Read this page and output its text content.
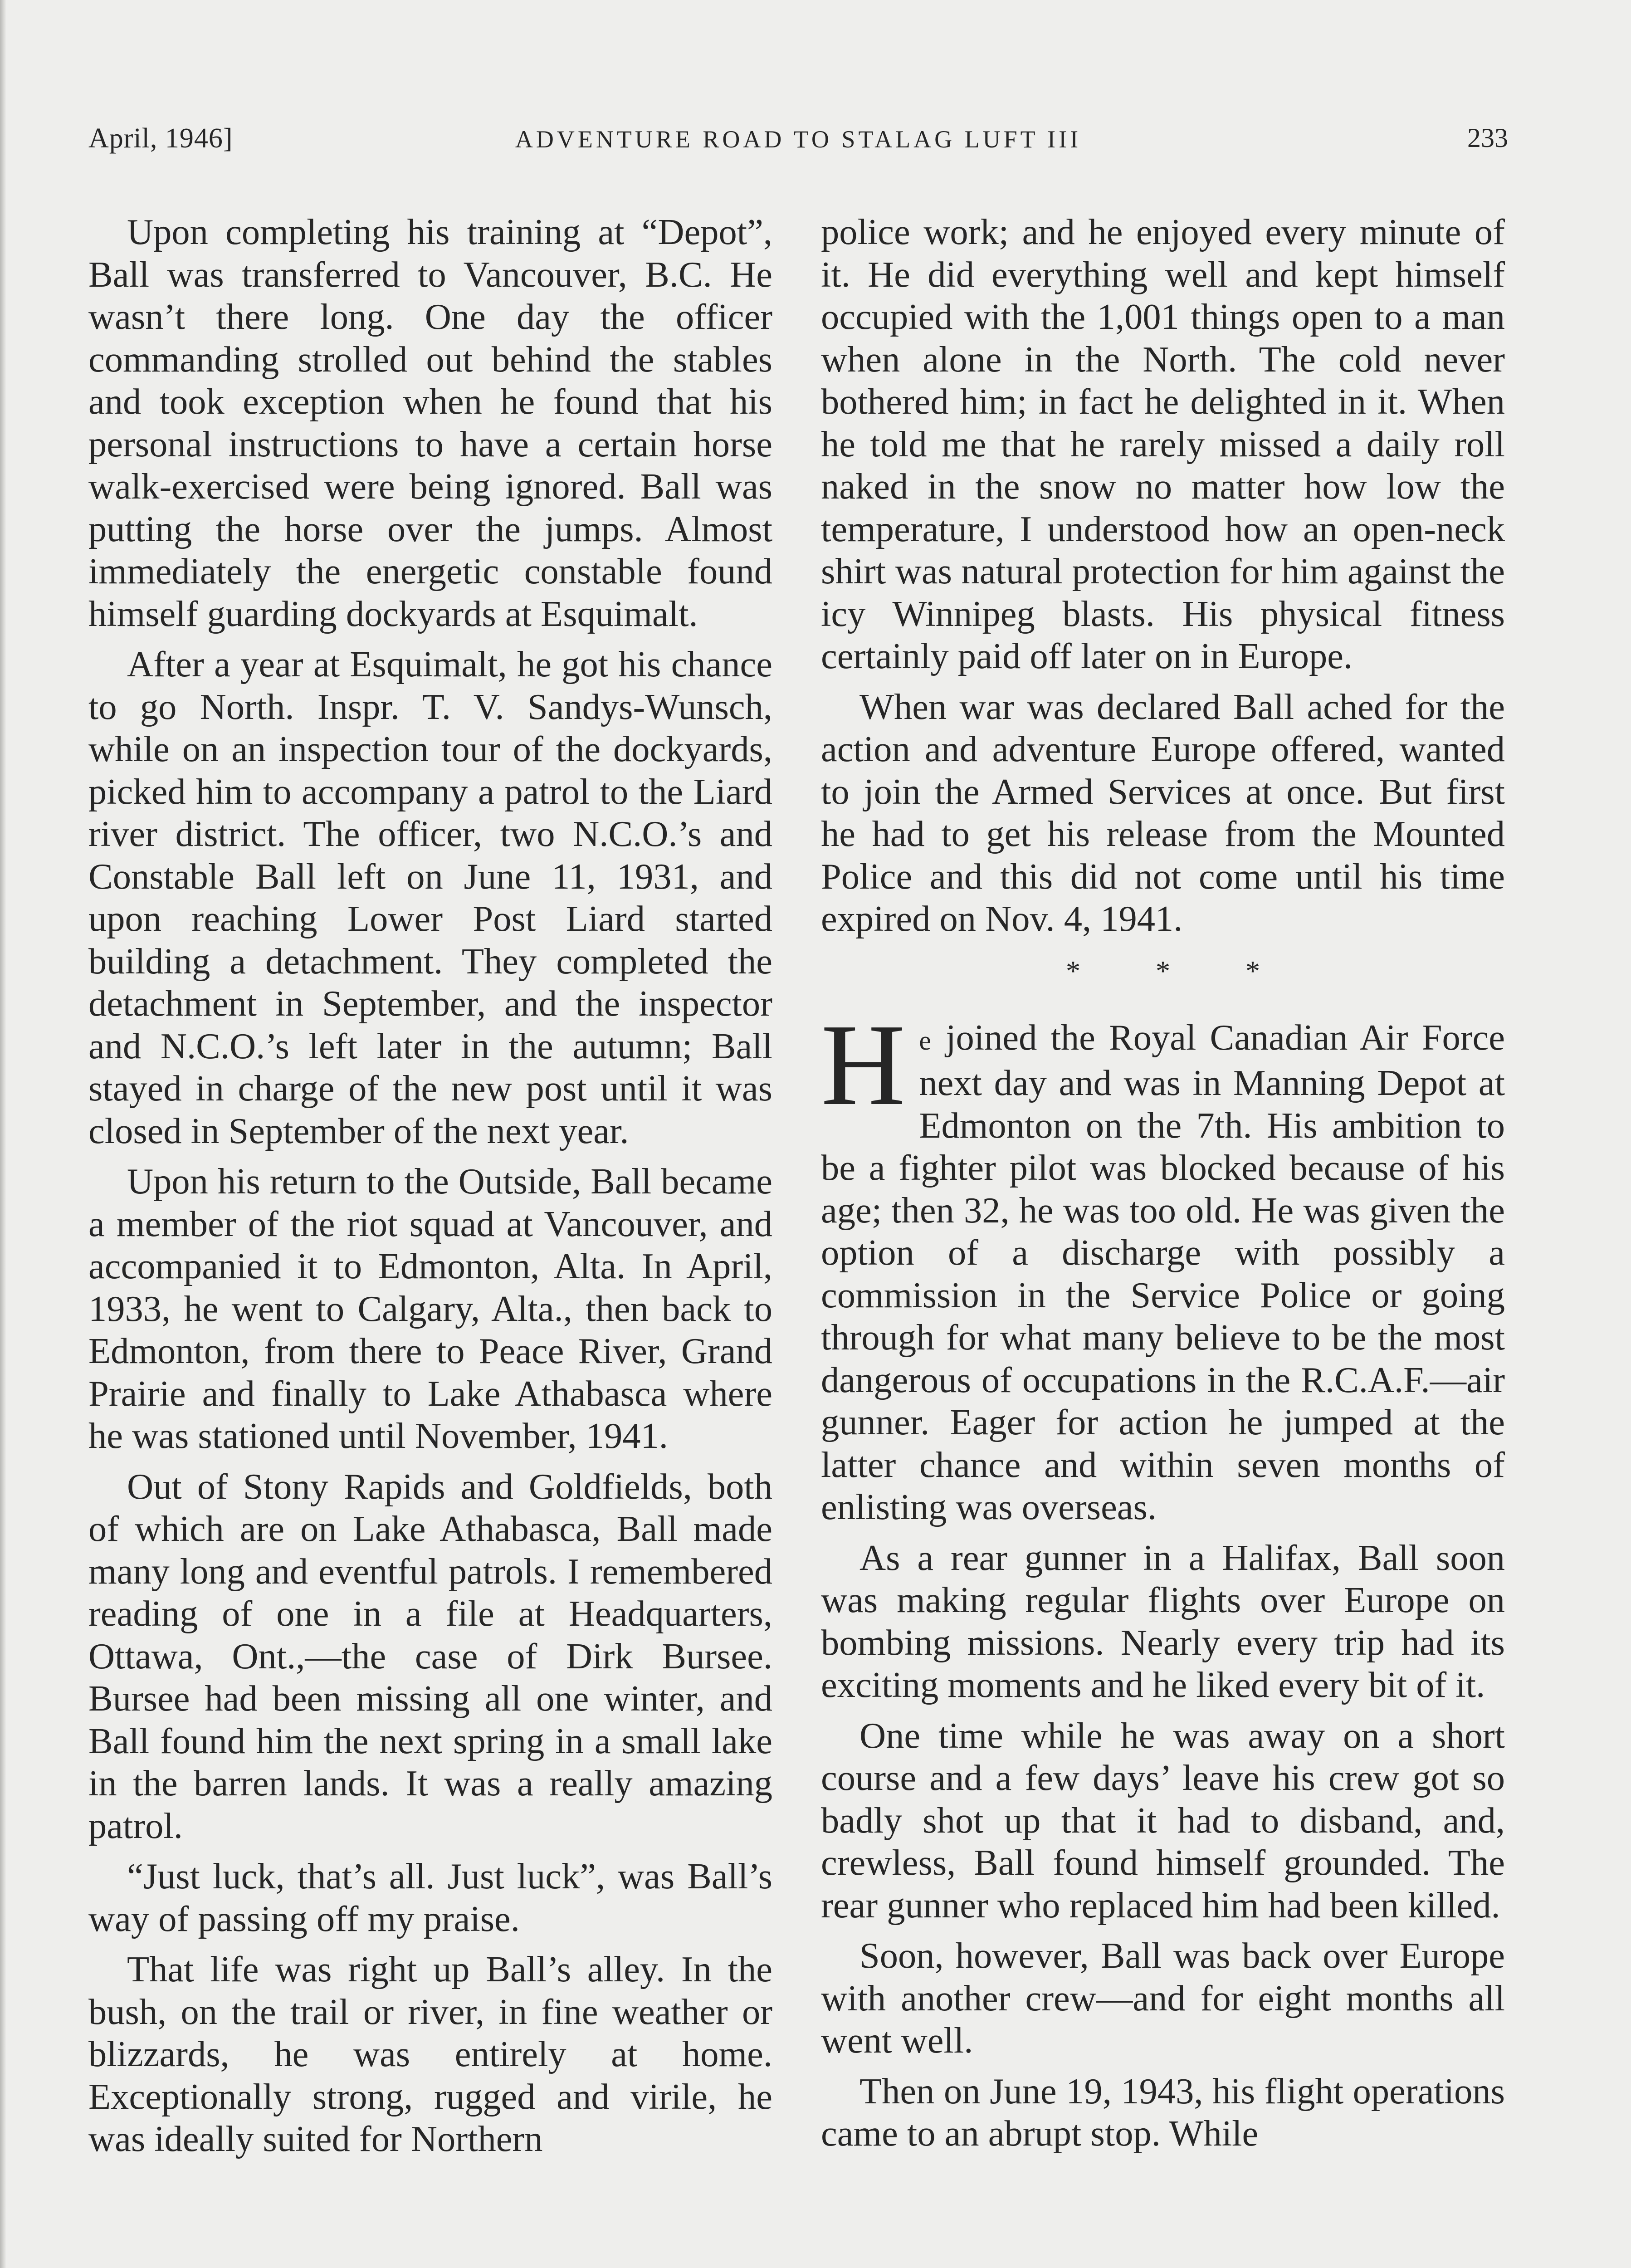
April, 1946]	ADVENTURE ROAD TO STALAG LUFT III	233

Upon completing his training at “Depot”, Ball was transferred to Vancouver, B.C. He wasn’t there long. One day the officer commanding strolled out behind the stables and took exception when he found that his personal instructions to have a certain horse walk-exercised were being ignored. Ball was putting the horse over the jumps. Almost immediately the energetic constable found himself guarding dockyards at Esquimalt.

After a year at Esquimalt, he got his chance to go North. Inspr. T. V. Sandys-Wunsch, while on an inspection tour of the dockyards, picked him to accompany a patrol to the Liard river district. The officer, two N.C.O.’s and Constable Ball left on June 11, 1931, and upon reaching Lower Post Liard started building a detachment. They completed the detachment in September, and the inspector and N.C.O.’s left later in the autumn; Ball stayed in charge of the new post until it was closed in September of the next year.

Upon his return to the Outside, Ball became a member of the riot squad at Vancouver, and accompanied it to Edmonton, Alta. In April, 1933, he went to Calgary, Alta., then back to Edmonton, from there to Peace River, Grand Prairie and finally to Lake Athabasca where he was stationed until November, 1941.

Out of Stony Rapids and Goldfields, both of which are on Lake Athabasca, Ball made many long and eventful patrols. I remembered reading of one in a file at Headquarters, Ottawa, Ont.,—the case of Dirk Bursee. Bursee had been missing all one winter, and Ball found him the next spring in a small lake in the barren lands. It was a really amazing patrol.

“Just luck, that’s all. Just luck”, was Ball’s way of passing off my praise.

That life was right up Ball’s alley. In the bush, on the trail or river, in fine weather or blizzards, he was entirely at home. Exceptionally strong, rugged and virile, he was ideally suited for Northern

police work; and he enjoyed every minute of it. He did everything well and kept himself occupied with the 1,001 things open to a man when alone in the North. The cold never bothered him; in fact he delighted in it. When he told me that he rarely missed a daily roll naked in the snow no matter how low the temperature, I understood how an open-neck shirt was natural protection for him against the icy Winnipeg blasts. His physical fitness certainly paid off later on in Europe.

When war was declared Ball ached for the action and adventure Europe offered, wanted to join the Armed Services at once. But first he had to get his release from the Mounted Police and this did not come until his time expired on Nov. 4, 1941.

* * *

He joined the Royal Canadian Air Force next day and was in Manning Depot at Edmonton on the 7th. His ambition to be a fighter pilot was blocked because of his age; then 32, he was too old. He was given the option of a discharge with possibly a commission in the Service Police or going through for what many believe to be the most dangerous of occupations in the R.C.A.F.—air gunner. Eager for action he jumped at the latter chance and within seven months of enlisting was overseas.

As a rear gunner in a Halifax, Ball soon was making regular flights over Europe on bombing missions. Nearly every trip had its exciting moments and he liked every bit of it.

One time while he was away on a short course and a few days’ leave his crew got so badly shot up that it had to disband, and, crewless, Ball found himself grounded. The rear gunner who replaced him had been killed.

Soon, however, Ball was back over Europe with another crew—and for eight months all went well.

Then on June 19, 1943, his flight operations came to an abrupt stop. While
